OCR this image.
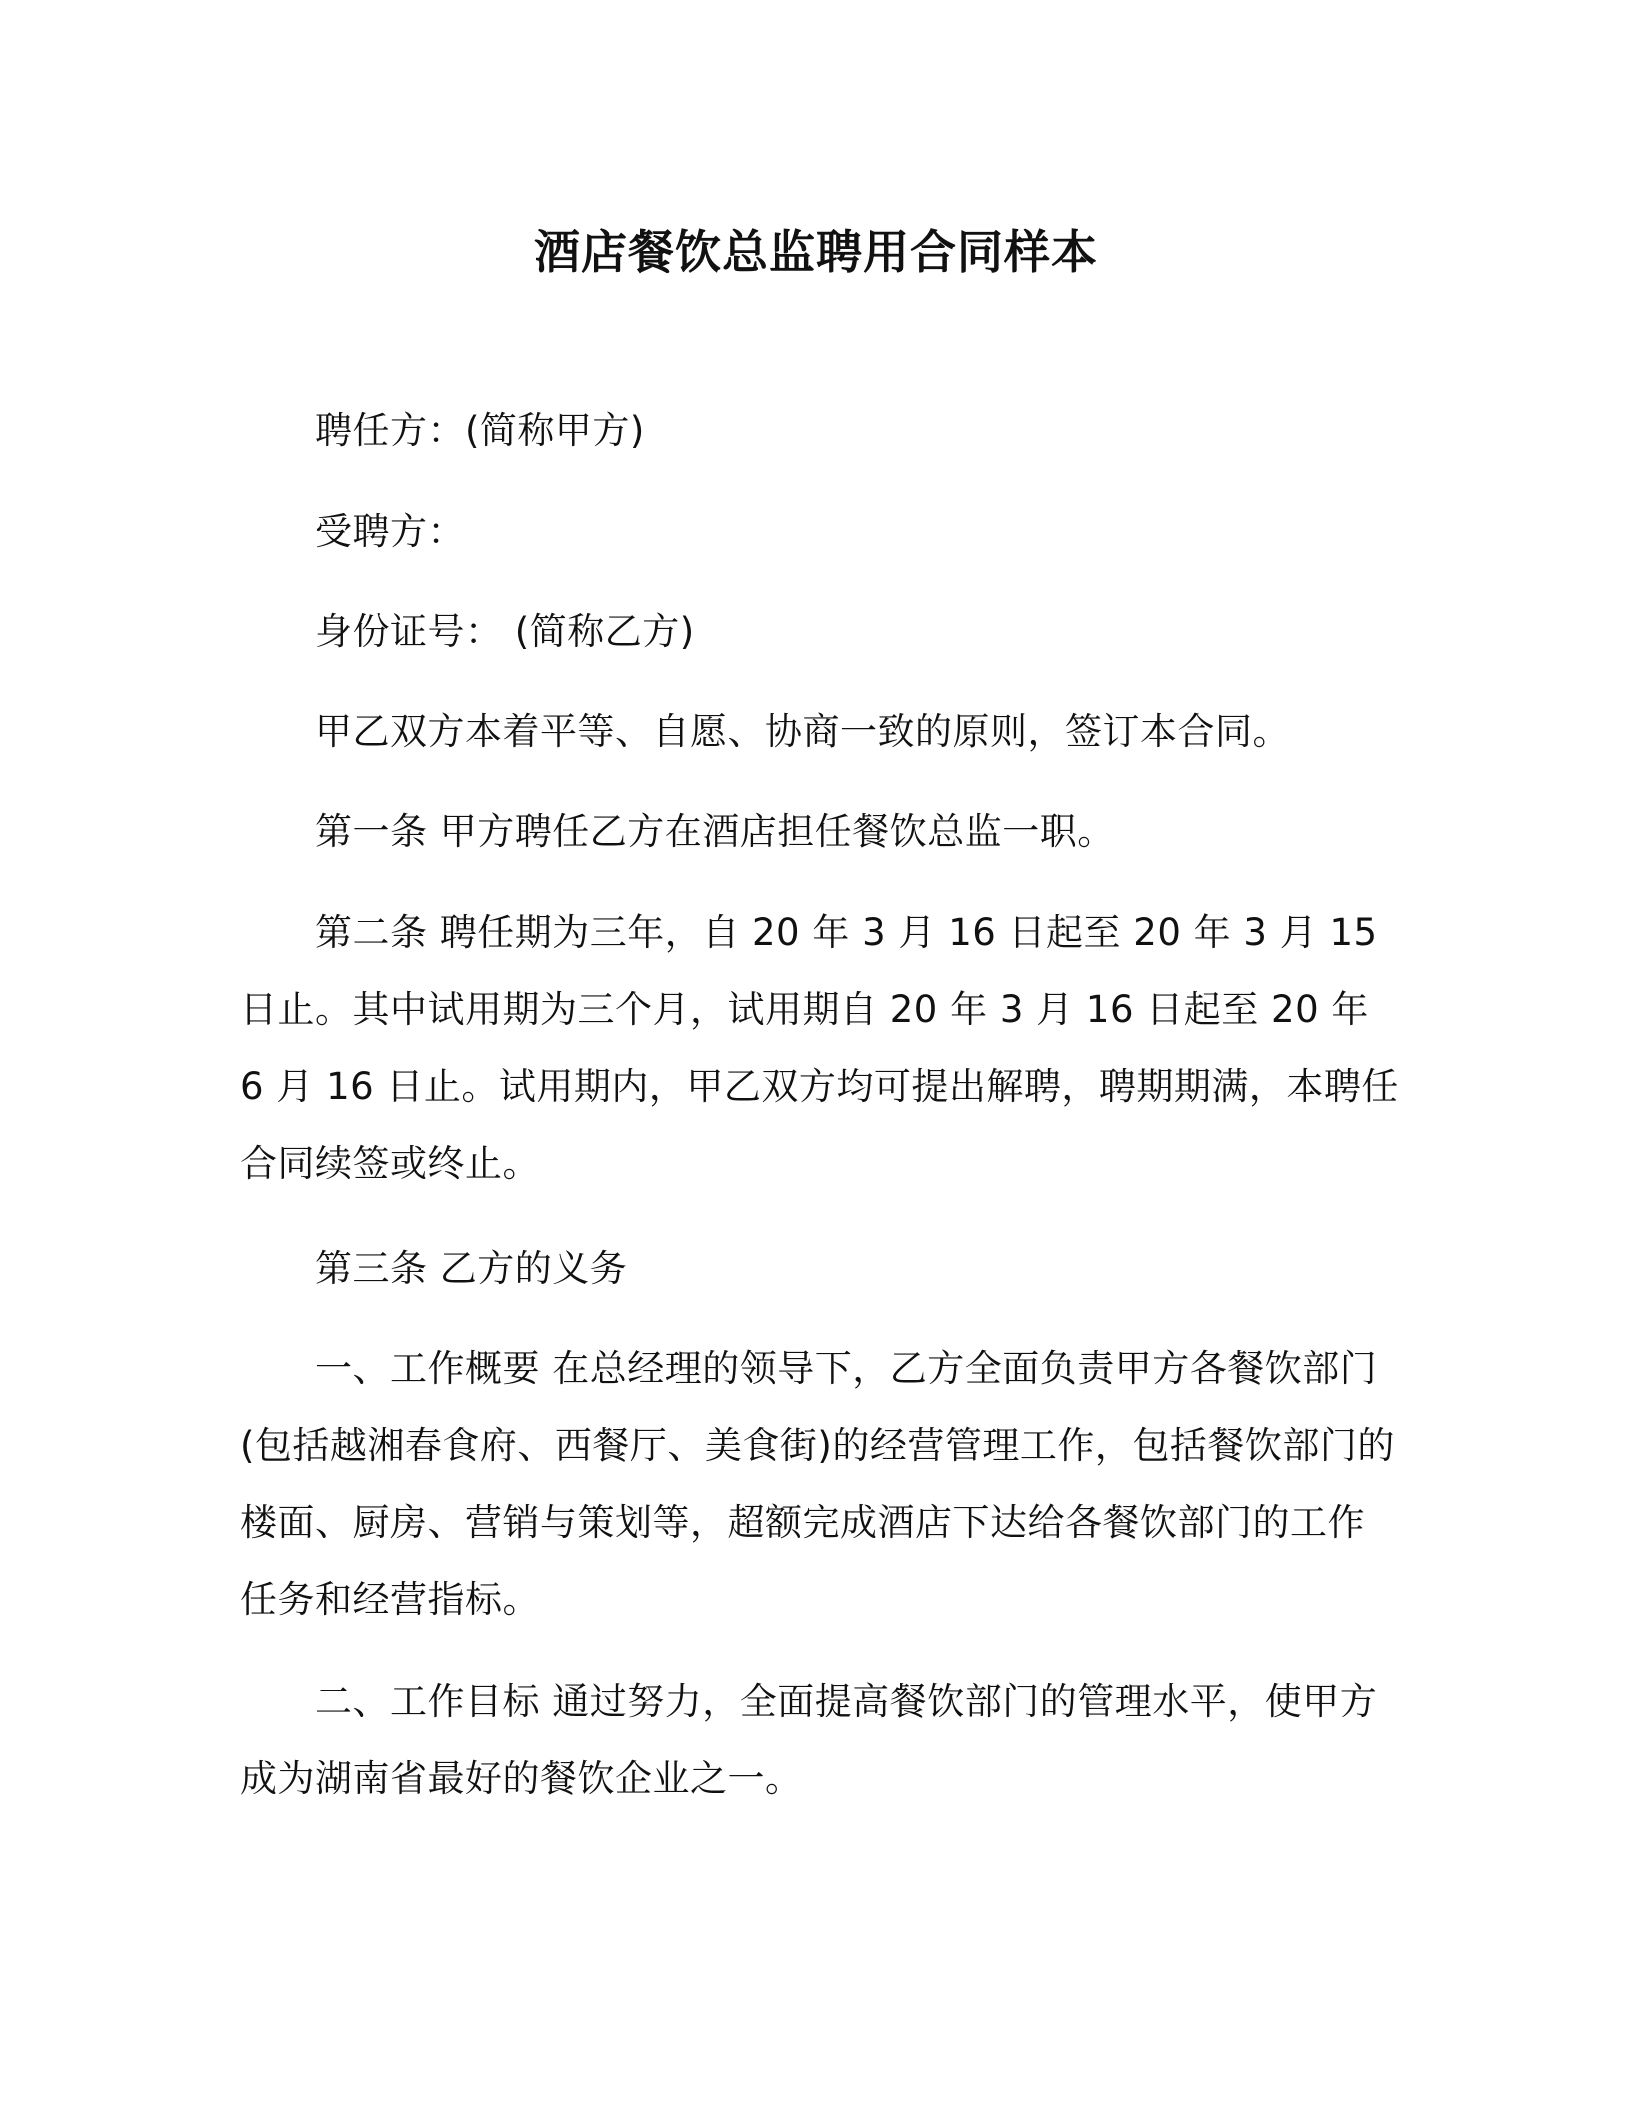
酒店餐饮总监聘用合同样本
聘任方：(简称甲方)
受聘方：
身份证号： (简称乙方)
甲乙双方本着平等、自愿、协商一致的原则，签订本合同。
第一条 甲方聘任乙方在酒店担任餐饮总监一职。
第二条 聘任期为三年，自 20 年 3 月 16 日起至 20 年 3 月 15 日止。其中试用期为三个月，试用期自 20 年 3 月 16 日起至 20 年 6 月 16 日止。试用期内，甲乙双方均可提出解聘，聘期期满，本聘任合同续签或终止。
第三条 乙方的义务
一、工作概要 在总经理的领导下，乙方全面负责甲方各餐饮部门(包括越湘春食府、西餐厅、美食街)的经营管理工作，包括餐饮部门的楼面、厨房、营销与策划等，超额完成酒店下达给各餐饮部门的工作任务和经营指标。
二、工作目标 通过努力，全面提高餐饮部门的管理水平，使甲方成为湖南省最好的餐饮企业之一。
